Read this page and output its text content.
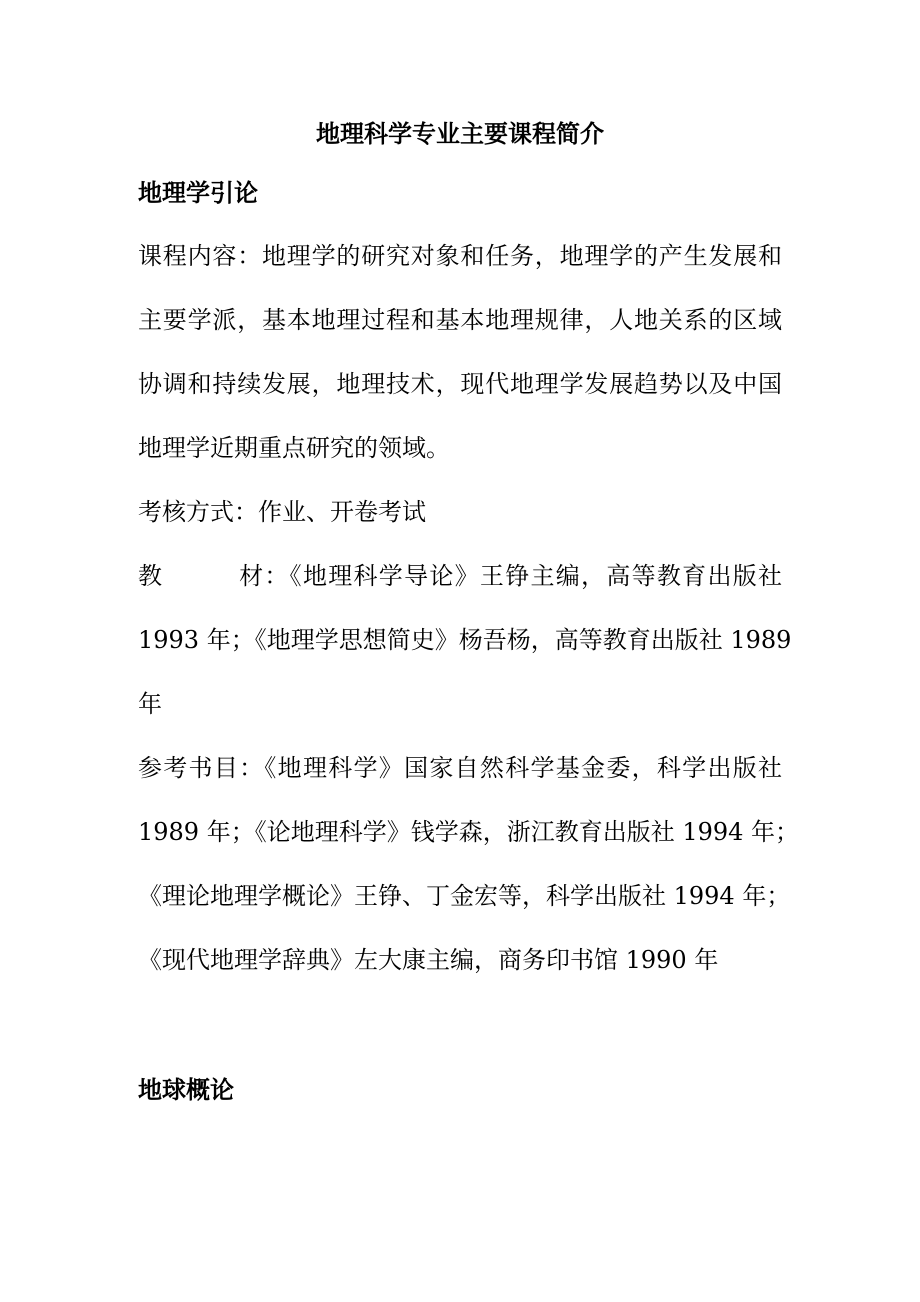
地理科学专业主要课程简介
地理学引论
课程内容：地理学的研究对象和任务，地理学的产生发展和
主要学派，基本地理过程和基本地理规律，人地关系的区域
协调和持续发展，地理技术，现代地理学发展趋势以及中国
地理学近期重点研究的领域。
考核方式：作业、开卷考试
教　　　材：《地理科学导论》王铮主编，高等教育出版社
1993 年；《地理学思想简史》杨吾杨，高等教育出版社 1989
年
参考书目：《地理科学》国家自然科学基金委，科学出版社
1989 年；《论地理科学》钱学森，浙江教育出版社 1994 年；
《理论地理学概论》王铮、丁金宏等，科学出版社 1994 年；
《现代地理学辞典》左大康主编，商务印书馆 1990 年
地球概论
